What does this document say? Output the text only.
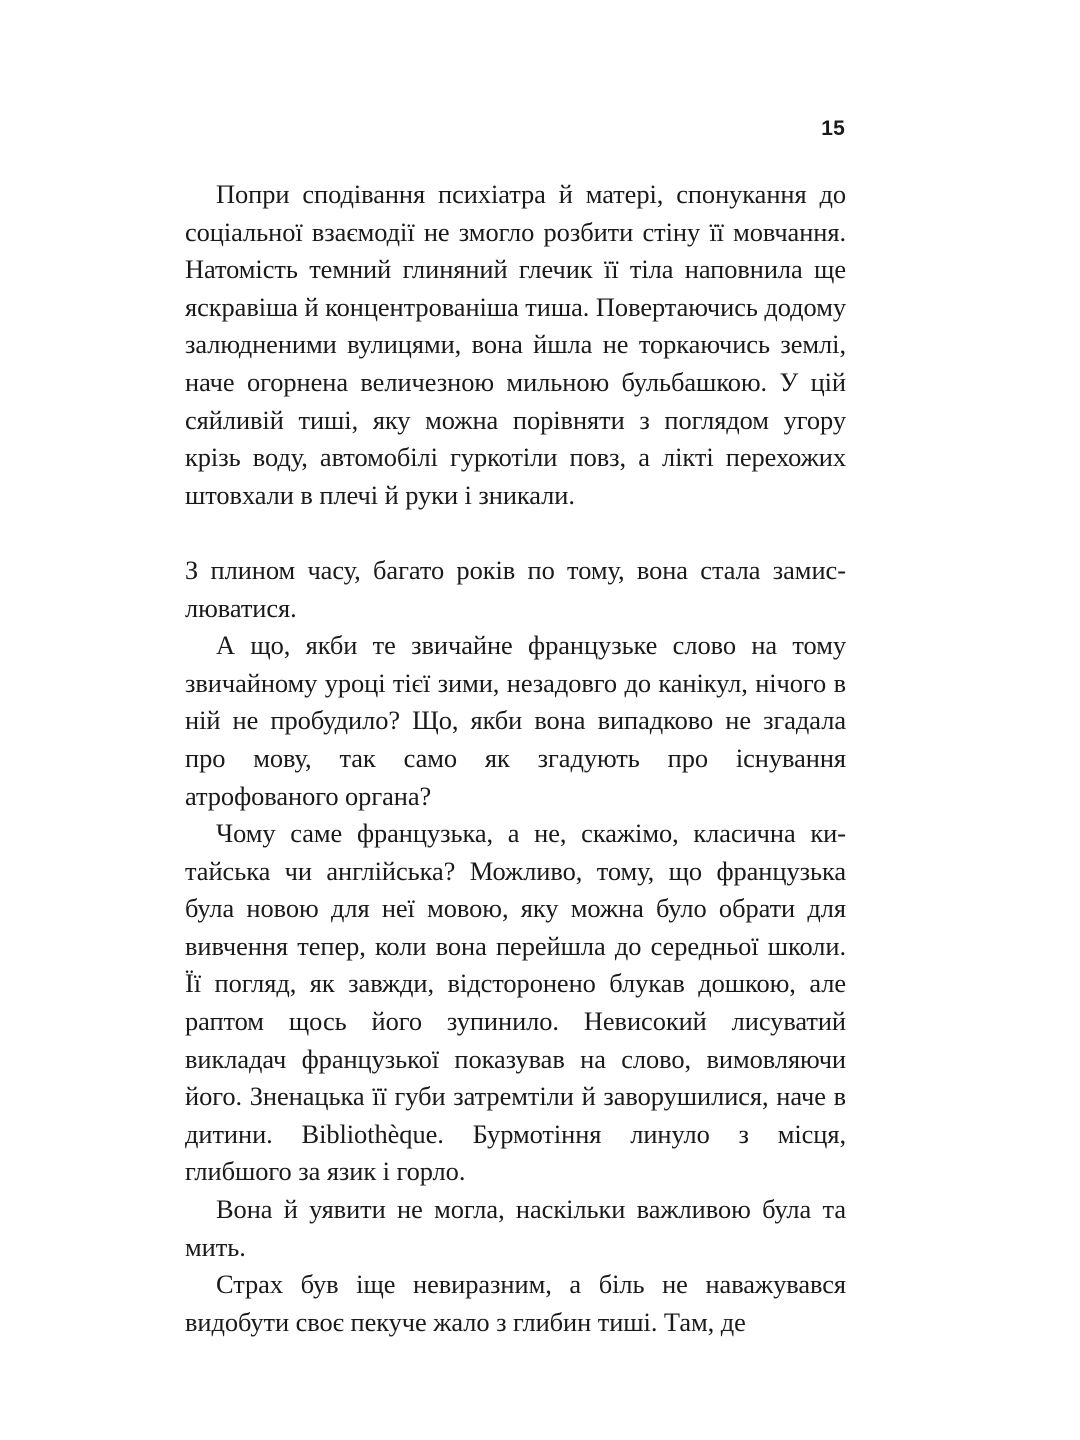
15

Попри сподівання психіатра й матері, спонукання до соціальної взаємодії не змогло розбити стіну її мовчання. Натомість темний глиняний глечик її тіла наповнила ще яскравіша й концентрованіша тиша. Повертаючись додому залюдненими вулицями, вона йшла не торкаючись землі, наче огорнена величезною мильною бульбашкою. У цій сяйливій тиші, яку можна порівняти з поглядом угору крізь воду, автомобілі гуркотіли повз, а лікті перехожих штовхали в плечі й руки і зникали.

З плином часу, багато років по тому, вона стала замислюватися.

А що, якби те звичайне французьке слово на тому звичайному уроці тієї зими, незадовго до канікул, нічого в ній не пробудило? Що, якби вона випадково не згадала про мову, так само як згадують про існування атрофованого органа?

Чому саме французька, а не, скажімо, класична китайська чи англійська? Можливо, тому, що французька була новою для неї мовою, яку можна було обрати для вивчення тепер, коли вона перейшла до середньої школи. Її погляд, як завжди, відсторонено блукав дошкою, але раптом щось його зупинило. Невисокий лисуватий викладач французької показував на слово, вимовляючи його. Зненацька її губи затремтіли й заворушилися, наче в дитини. Bibliothèque. Бурмотіння линуло з місця, глибшого за язик і горло.

Вона й уявити не могла, наскільки важливою була та мить.

Страх був іще невиразним, а біль не наважувався видобути своє пекуче жало з глибин тиші. Там, де
